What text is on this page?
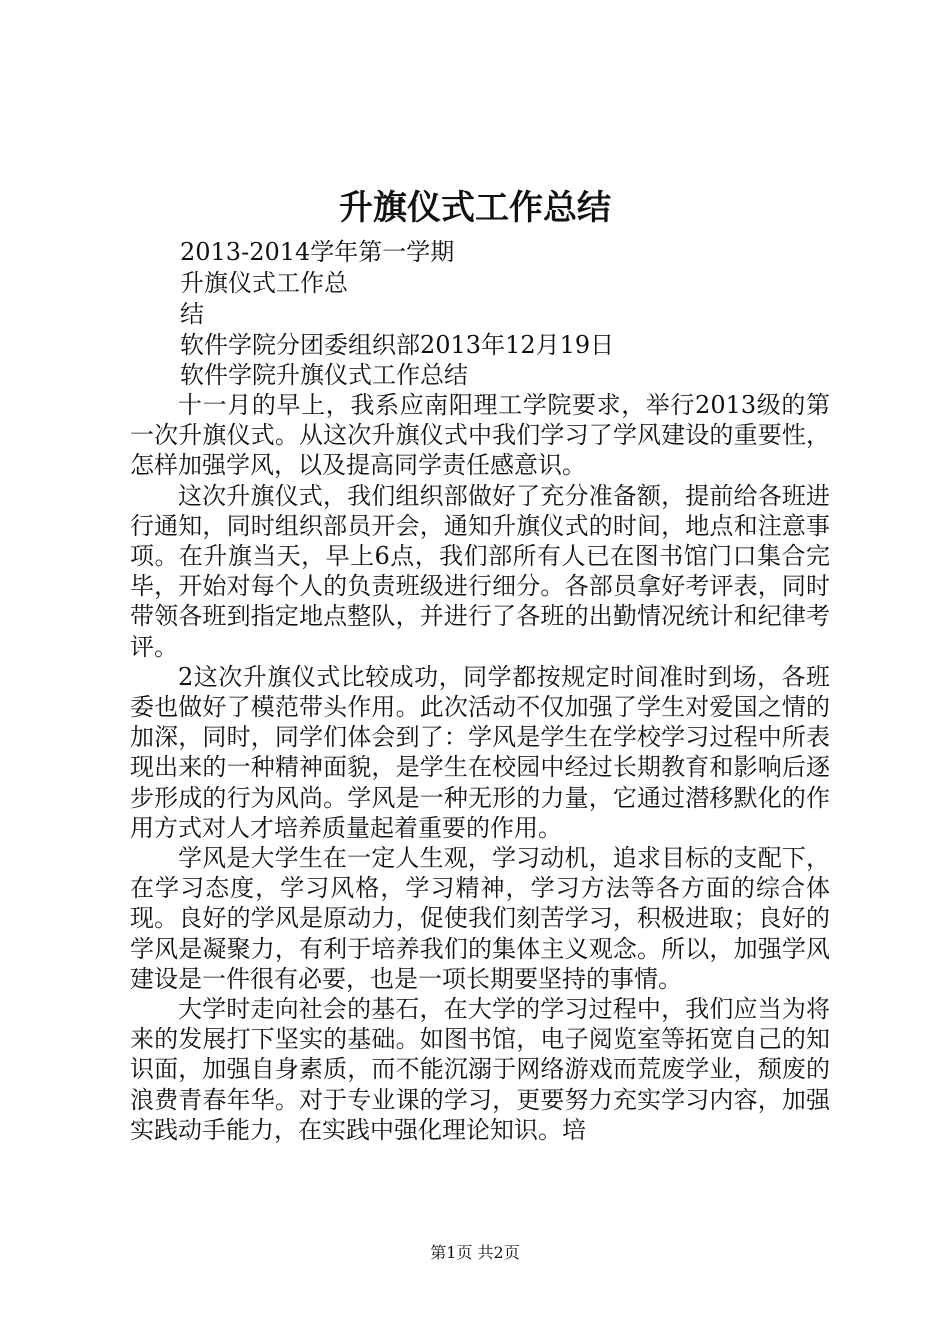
升旗仪式工作总结
2013-2014学年第一学期
升旗仪式工作总
结
软件学院分团委组织部2013年12月19日
软件学院升旗仪式工作总结

十一月的早上，我系应南阳理工学院要求，举行2013级的第一次升旗仪式。从这次升旗仪式中我们学习了学风建设的重要性，怎样加强学风，以及提高同学责任感意识。

这次升旗仪式，我们组织部做好了充分准备额，提前给各班进行通知，同时组织部员开会，通知升旗仪式的时间，地点和注意事项。在升旗当天，早上6点，我们部所有人已在图书馆门口集合完毕，开始对每个人的负责班级进行细分。各部员拿好考评表，同时带领各班到指定地点整队，并进行了各班的出勤情况统计和纪律考评。

2这次升旗仪式比较成功，同学都按规定时间准时到场，各班委也做好了模范带头作用。此次活动不仅加强了学生对爱国之情的加深，同时，同学们体会到了：学风是学生在学校学习过程中所表现出来的一种精神面貌，是学生在校园中经过长期教育和影响后逐步形成的行为风尚。学风是一种无形的力量，它通过潜移默化的作用方式对人才培养质量起着重要的作用。

学风是大学生在一定人生观，学习动机，追求目标的支配下，在学习态度，学习风格，学习精神，学习方法等各方面的综合体现。良好的学风是原动力，促使我们刻苦学习，积极进取；良好的学风是凝聚力，有利于培养我们的集体主义观念。所以，加强学风建设是一件很有必要，也是一项长期要坚持的事情。

大学时走向社会的基石，在大学的学习过程中，我们应当为将来的发展打下坚实的基础。如图书馆，电子阅览室等拓宽自己的知识面，加强自身素质，而不能沉溺于网络游戏而荒废学业，颓废的浪费青春年华。对于专业课的学习，更要努力充实学习内容，加强实践动手能力，在实践中强化理论知识。培

第1页 共2页
